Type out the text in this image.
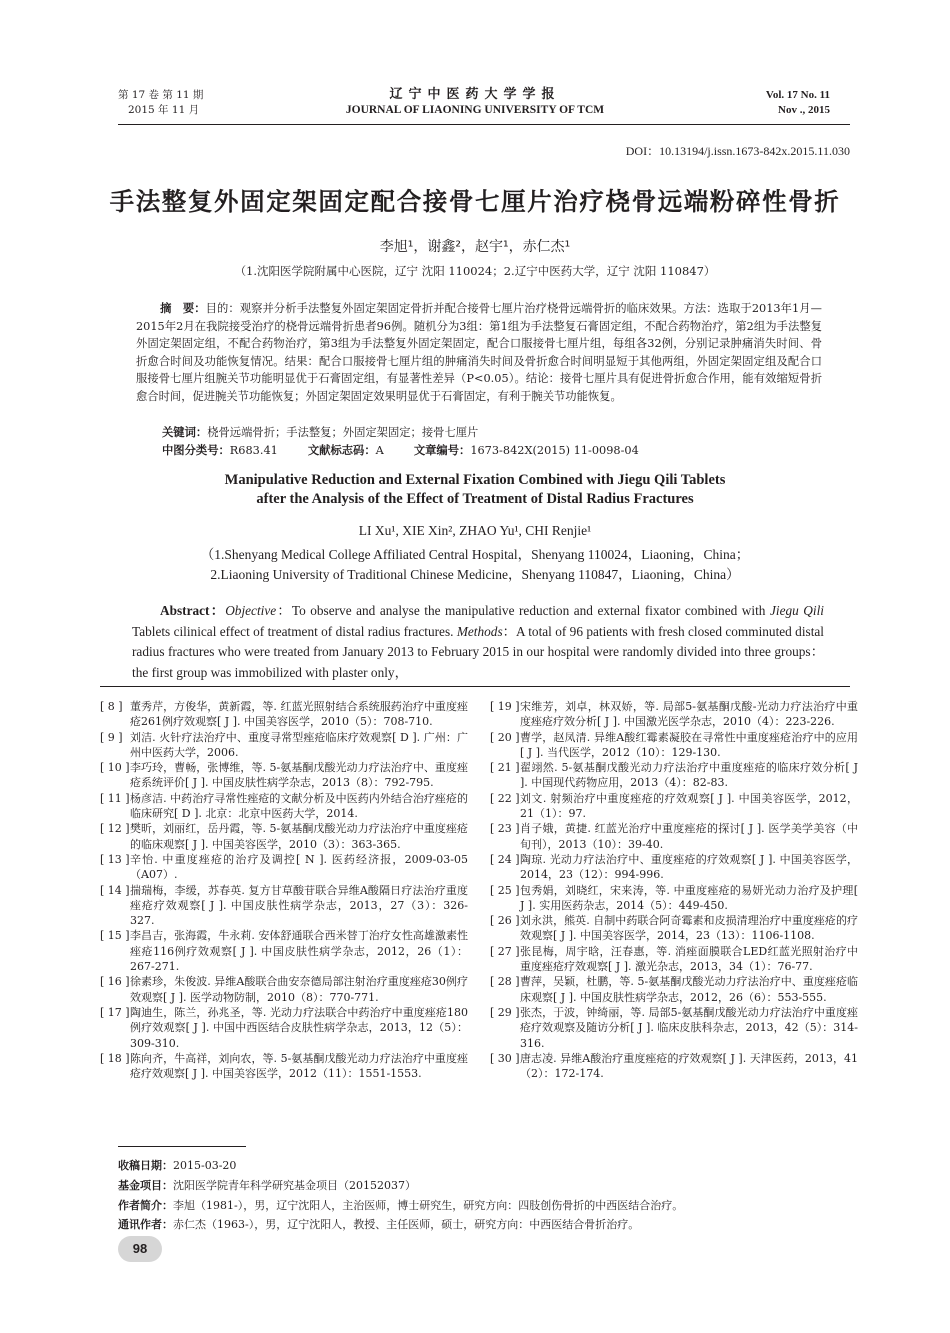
第 17 卷 第 11 期
2015 年 11 月
辽宁中医药大学学报
JOURNAL OF LIAONING UNIVERSITY OF TCM
Vol. 17 No. 11
Nov ., 2015
DOI：10.13194/j.issn.1673-842x.2015.11.030
手法整复外固定架固定配合接骨七厘片治疗桡骨远端粉碎性骨折
李旭¹，谢鑫²，赵宇¹，赤仁杰¹
（1.沈阳医学院附属中心医院，辽宁 沈阳 110024；2.辽宁中医药大学，辽宁 沈阳 110847）
摘　要：目的：观察并分析手法整复外固定架固定骨折并配合接骨七厘片治疗桡骨远端骨折的临床效果。方法：选取于2013年1月—2015年2月在我院接受治疗的桡骨远端骨折患者96例。随机分为3组：第1组为手法整复石膏固定组，不配合药物治疗，第2组为手法整复外固定架固定组，不配合药物治疗，第3组为手法整复外固定架固定，配合口服接骨七厘片组，每组各32例，分别记录肿痛消失时间、骨折愈合时间及功能恢复情况。结果：配合口服接骨七厘片组的肿痛消失时间及骨折愈合时间明显短于其他两组，外固定架固定组及配合口服接骨七厘片组腕关节功能明显优于石膏固定组，有显著性差异（P<0.05）。结论：接骨七厘片具有促进骨折愈合作用，能有效缩短骨折愈合时间，促进腕关节功能恢复；外固定架固定效果明显优于石膏固定，有利于腕关节功能恢复。
关键词：桡骨远端骨折；手法整复；外固定架固定；接骨七厘片
中图分类号：R683.41	文献标志码：A	文章编号：1673-842X(2015) 11-0098-04
Manipulative Reduction and External Fixation Combined with Jiegu Qili Tablets
after the Analysis of the Effect of Treatment of Distal Radius Fractures
LI Xu¹, XIE Xin², ZHAO Yu¹, CHI Renjie¹
（1.Shenyang Medical College Affiliated Central Hospital，Shenyang 110024，Liaoning，China；
2.Liaoning University of Traditional Chinese Medicine，Shenyang 110847，Liaoning，China）
Abstract：Objective：To observe and analyse the manipulative reduction and external fixator combined with Jiegu Qili Tablets cilinical effect of treatment of distal radius fractures. Methods：A total of 96 patients with fresh closed comminuted distal radius fractures who were treated from January 2013 to February 2015 in our hospital were randomly divided into three groups：the first group was immobilized with plaster only，
[ 8 ] 董秀芹，方俊华，黄新霞，等. 红蓝光照射结合系统服药治疗中重度痤疮261例疗效观察[ J ]. 中国美容医学，2010（5）：708-710.
[ 9 ] 刘洁. 火针疗法治疗中、重度寻常型痤疮临床疗效观察[ D ]. 广州：广州中医药大学，2006.
[ 10 ] 李巧玲，曹畅，张博维，等. 5-氨基酮戊酸光动力疗法治疗中、重度痤疮系统评价[ J ]. 中国皮肤性病学杂志，2013（8）：792-795.
[ 11 ] 杨彦洁. 中药治疗寻常性痤疮的文献分析及中医药内外结合治疗痤疮的临床研究[ D ]. 北京：北京中医药大学，2014.
[ 12 ] 樊昕，刘丽红，岳丹霞，等. 5-氨基酮戊酸光动力疗法治疗中重度痤疮的临床观察[ J ]. 中国美容医学，2010（3）：363-365.
[ 13 ] 辛怡. 中重度痤疮的治疗及调控[ N ]. 医药经济报，2009-03-05（A07）.
[ 14 ] 揣瑞梅，李缓，苏春英. 复方甘草酸苷联合异维A酸隔日疗法治疗重度痤疮疗效观察[ J ]. 中国皮肤性病学杂志，2013，27（3）：326-327.
[ 15 ] 李昌吉，张海霞，牛永莉. 安体舒通联合西米替丁治疗女性高雄激素性痤疮116例疗效观察[ J ]. 中国皮肤性病学杂志，2012，26（1）：267-271.
[ 16 ] 徐素珍，朱俊波. 异维A酸联合曲安奈德局部注射治疗重度痤疮30例疗效观察[ J ]. 医学动物防制，2010（8）：770-771.
[ 17 ] 陶迪生，陈兰，孙兆圣，等. 光动力疗法联合中药治疗中重度痤疮180例疗效观察[ J ]. 中国中西医结合皮肤性病学杂志，2013，12（5）：309-310.
[ 18 ] 陈向齐，牛高祥，刘向农，等. 5-氨基酮戊酸光动力疗法治疗中重度痤疮疗效观察[ J ]. 中国美容医学，2012（11）：1551-1553.
[ 19 ] 宋维芳，刘卓，林双娇，等. 局部5-氨基酮戊酸-光动力疗法治疗中重度痤疮疗效分析[ J ]. 中国激光医学杂志，2010（4）：223-226.
[ 20 ] 曹学，赵凤清. 异维A酸红霉素凝胶在寻常性中重度痤疮治疗中的应用[ J ]. 当代医学，2012（10）：129-130.
[ 21 ] 翟翊然. 5-氨基酮戊酸光动力疗法治疗中重度痤疮的临床疗效分析[ J ]. 中国现代药物应用，2013（4）：82-83.
[ 22 ] 刘文. 射频治疗中重度痤疮的疗效观察[ J ]. 中国美容医学，2012，21（1）：97.
[ 23 ] 肖子娥，黄捷. 红蓝光治疗中重度痤疮的探讨[ J ]. 医学美学美容（中旬刊），2013（10）：39-40.
[ 24 ] 陶琼. 光动力疗法治疗中、重度痤疮的疗效观察[ J ]. 中国美容医学，2014，23（12）：994-996.
[ 25 ] 包秀娟，刘晓红，宋来涛，等. 中重度痤疮的易妍光动力治疗及护理[ J ]. 实用医药杂志，2014（5）：449-450.
[ 26 ] 刘永洪，熊英. 自制中药联合阿奇霉素和皮损清理治疗中重度痤疮的疗效观察[ J ]. 中国美容医学，2014，23（13）：1106-1108.
[ 27 ] 张昆梅，周宇晗，汪春惠，等. 消痤面膜联合LED红蓝光照射治疗中重度痤疮疗效观察[ J ]. 激光杂志，2013，34（1）：76-77.
[ 28 ] 曹萍，吴颖，杜鹏，等. 5-氨基酮戊酸光动力疗法治疗中、重度痤疮临床观察[ J ]. 中国皮肤性病学杂志，2012，26（6）：553-555.
[ 29 ] 张杰，于波，钟绮丽，等. 局部5-氨基酮戊酸光动力疗法治疗中重度痤疮疗效观察及随访分析[ J ]. 临床皮肤科杂志，2013，42（5）：314-316.
[ 30 ] 唐志凌. 异维A酸治疗重度痤疮的疗效观察[ J ]. 天津医药，2013，41（2）：172-174.
收稿日期：2015-03-20
基金项目：沈阳医学院青年科学研究基金项目（20152037）
作者简介：李旭（1981-），男，辽宁沈阳人，主治医师，博士研究生，研究方向：四肢创伤骨折的中西医结合治疗。
通讯作者：赤仁杰（1963-），男，辽宁沈阳人，教授、主任医师，硕士，研究方向：中西医结合骨折治疗。
98
